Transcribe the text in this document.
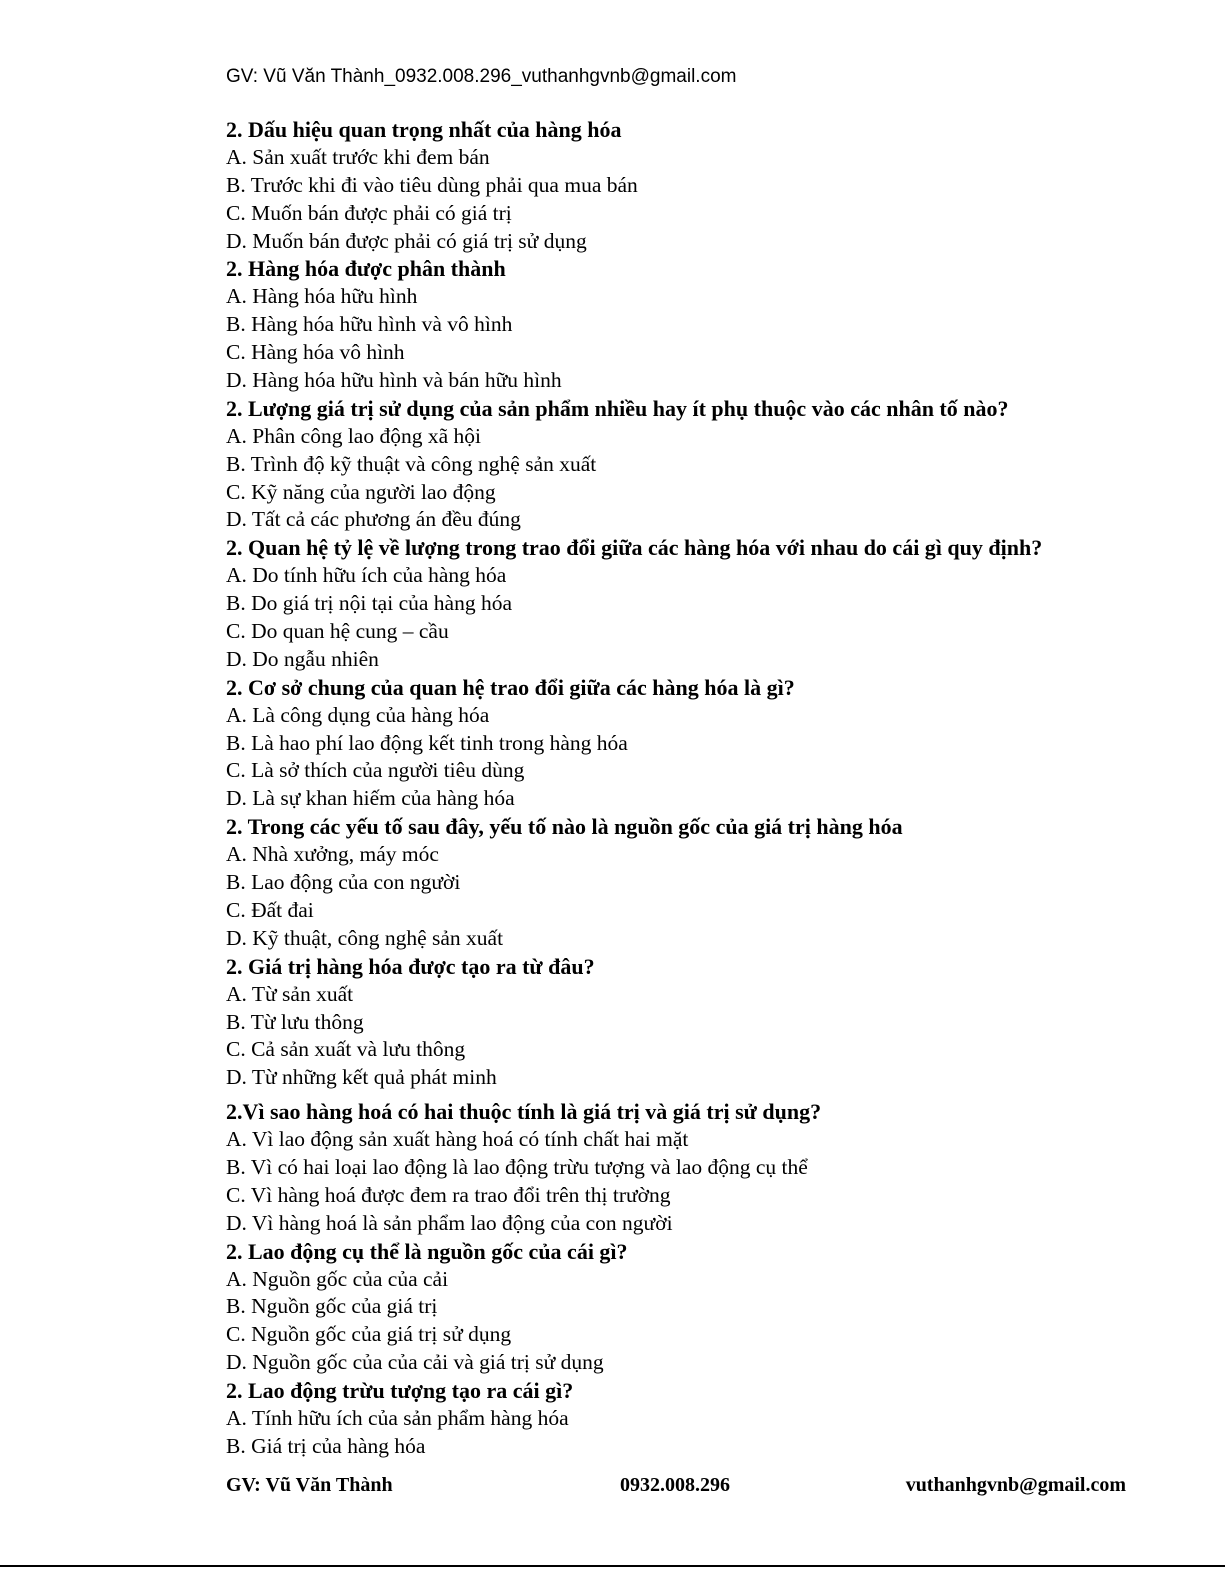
GV: Vũ Văn Thành_0932.008.296_vuthanhgvnb@gmail.com
2. Dấu hiệu quan trọng nhất của hàng hóa
A. Sản xuất trước khi đem bán
B. Trước khi đi vào tiêu dùng phải qua mua bán
C. Muốn bán được phải có giá trị
D. Muốn bán được phải có giá trị sử dụng
2. Hàng hóa được phân thành
A. Hàng hóa hữu hình
B. Hàng hóa hữu hình và vô hình
C. Hàng hóa vô hình
D. Hàng hóa hữu hình và bán hữu hình
2. Lượng giá trị sử dụng của sản phẩm nhiều hay ít phụ thuộc vào các nhân tố nào?
A. Phân công lao động xã hội
B. Trình độ kỹ thuật và công nghệ sản xuất
C. Kỹ năng của người lao động
D. Tất cả các phương án đều đúng
2. Quan hệ tỷ lệ về lượng trong trao đổi giữa các hàng hóa với nhau do cái gì quy định?
A. Do tính hữu ích của hàng hóa
B. Do giá trị nội tại của hàng hóa
C. Do quan hệ cung – cầu
D. Do ngẫu nhiên
2. Cơ sở chung của quan hệ trao đổi giữa các hàng hóa là gì?
A. Là công dụng của hàng hóa
B. Là hao phí lao động kết tinh trong hàng hóa
C. Là sở thích của người tiêu dùng
D. Là sự khan hiếm của hàng hóa
2. Trong các yếu tố sau đây, yếu tố nào là nguồn gốc của giá trị hàng hóa
A. Nhà xưởng, máy móc
B. Lao động của con người
C. Đất đai
D. Kỹ thuật, công nghệ sản xuất
2. Giá trị hàng hóa được tạo ra từ đâu?
A. Từ sản xuất
B. Từ lưu thông
C. Cả sản xuất và lưu thông
D. Từ những kết quả phát minh
2.Vì sao hàng hoá có hai thuộc tính là giá trị và giá trị sử dụng?
A. Vì lao động sản xuất hàng hoá có tính chất hai mặt
B. Vì có hai loại lao động là lao động trừu tượng và lao động cụ thể
C. Vì hàng hoá được đem ra trao đổi trên thị trường
D. Vì hàng hoá là sản phẩm lao động của con người
2. Lao động cụ thể là nguồn gốc của cái gì?
A. Nguồn gốc của của cải
B. Nguồn gốc của giá trị
C. Nguồn gốc của giá trị sử dụng
D. Nguồn gốc của của cải và giá trị sử dụng
2. Lao động trừu tượng tạo ra cái gì?
A. Tính hữu ích của sản phẩm hàng hóa
B. Giá trị của hàng hóa
GV: Vũ Văn Thành	0932.008.296	vuthanhgvnb@gmail.com
